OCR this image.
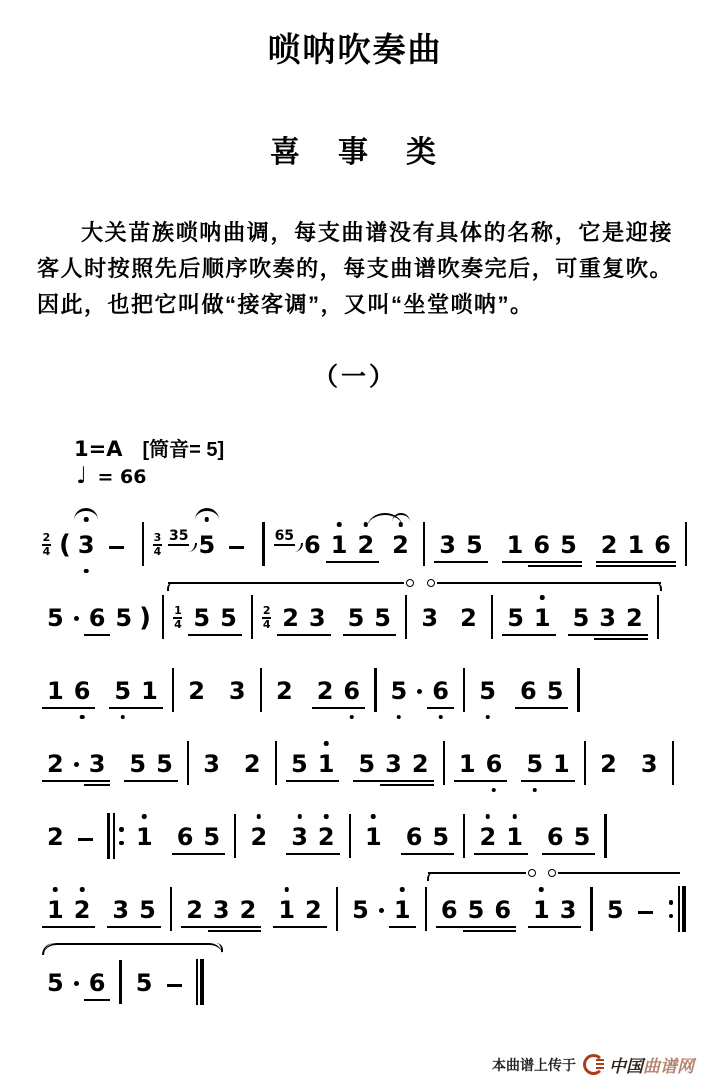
唢呐吹奏曲
喜　事　类
大关苗族唢呐曲调，每支曲谱没有具体的名称，它是迎接客人时按照先后顺序吹奏的，每支曲谱吹奏完后，可重复吹。因此，也把它叫做“接客调”，又叫“坐堂唢呐”。
（一）
1=A [筒音= 5]
♩ = 66
2
4 ( 3	3
4
35 5	65 6 1 2 2 3 5 1 6 5 2 1 6
5 6 5 ) 1
4 5 5	2
4 2 3 5 5 3 2 5 1 5 3 2
1 6 5 1 2 3 2 2 6 5 6 5 6 5
2 3 5 5 3 2 5 1 5 3 2 1 6 5 1 2 3
2	1 6 5 2 3 2 1 6 5 2 1 6 5
1 2 3 5 2 3 2 1 2 5 1 6 5 6 1 3 5
5 6 5
本曲谱上传于 中国 曲谱网
